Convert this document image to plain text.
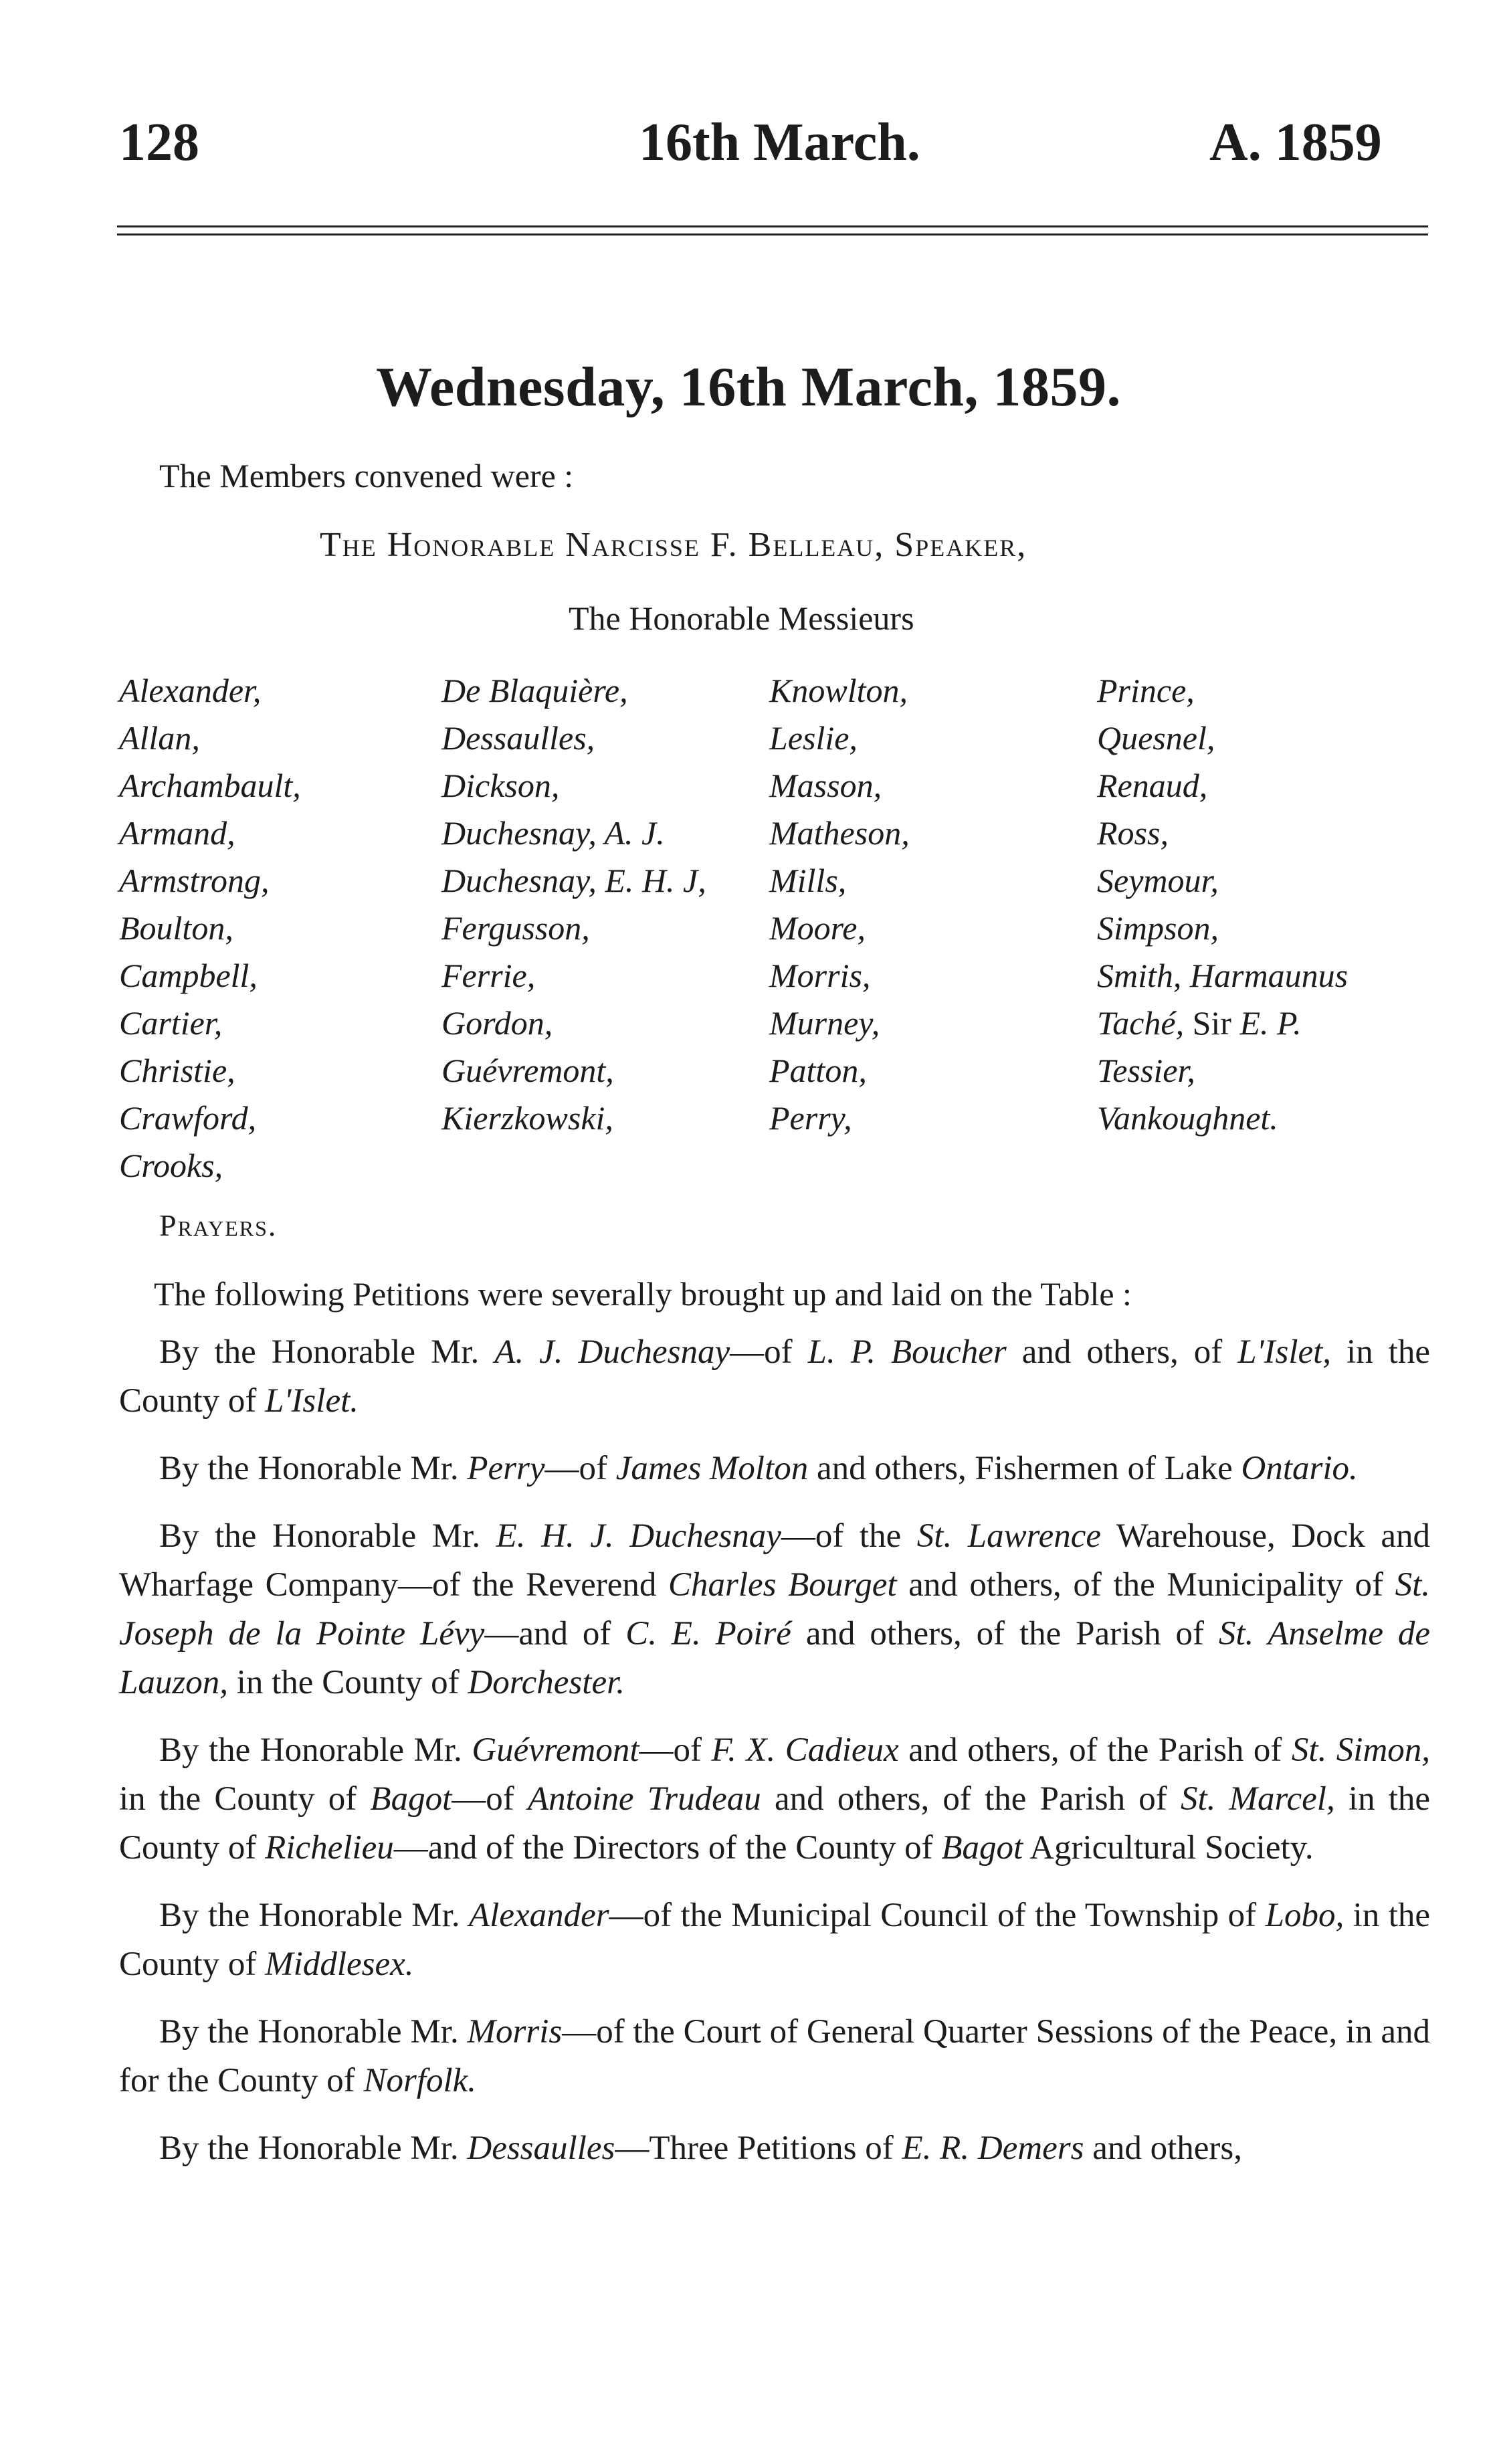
128	16th March.	A. 1859
Wednesday, 16th March, 1859.
The Members convened were :
The Honorable Narcisse F. Belleau, Speaker,
The Honorable Messieurs
Alexander,
Allan,
Archambault,
Armand,
Armstrong,
Boulton,
Campbell,
Cartier,
Christie,
Crawford,
Crooks,
De Blaquière,
Dessaulles,
Dickson,
Duchesnay, A. J.
Duchesnay, E. H. J,
Fergusson,
Ferrie,
Gordon,
Guévremont,
Kierzkowski,
Knowlton,
Leslie,
Masson,
Matheson,
Mills,
Moore,
Morris,
Murney,
Patton,
Perry,
Prince,
Quesnel,
Renaud,
Ross,
Seymour,
Simpson,
Smith, Harmaunus
Taché, Sir E. P.
Tessier,
Vankoughnet.
Prayers.
The following Petitions were severally brought up and laid on the Table :

By the Honorable Mr. A. J. Duchesnay—of L. P. Boucher and others, of L'Islet, in the County of L'Islet.

By the Honorable Mr. Perry—of James Molton and others, Fishermen of Lake Ontario.

By the Honorable Mr. E. H. J. Duchesnay—of the St. Lawrence Warehouse, Dock and Wharfage Company—of the Reverend Charles Bourget and others, of the Municipality of St. Joseph de la Pointe Lévy—and of C. E. Poiré and others, of the Parish of St. Anselme de Lauzon, in the County of Dorchester.

By the Honorable Mr. Guévremont—of F. X. Cadieux and others, of the Parish of St. Simon, in the County of Bagot—of Antoine Trudeau and others, of the Parish of St. Marcel, in the County of Richelieu—and of the Directors of the County of Bagot Agricultural Society.

By the Honorable Mr. Alexander—of the Municipal Council of the Township of Lobo, in the County of Middlesex.

By the Honorable Mr. Morris—of the Court of General Quarter Sessions of the Peace, in and for the County of Norfolk.

By the Honorable Mr. Dessaulles—Three Petitions of E. R. Demers and others,
